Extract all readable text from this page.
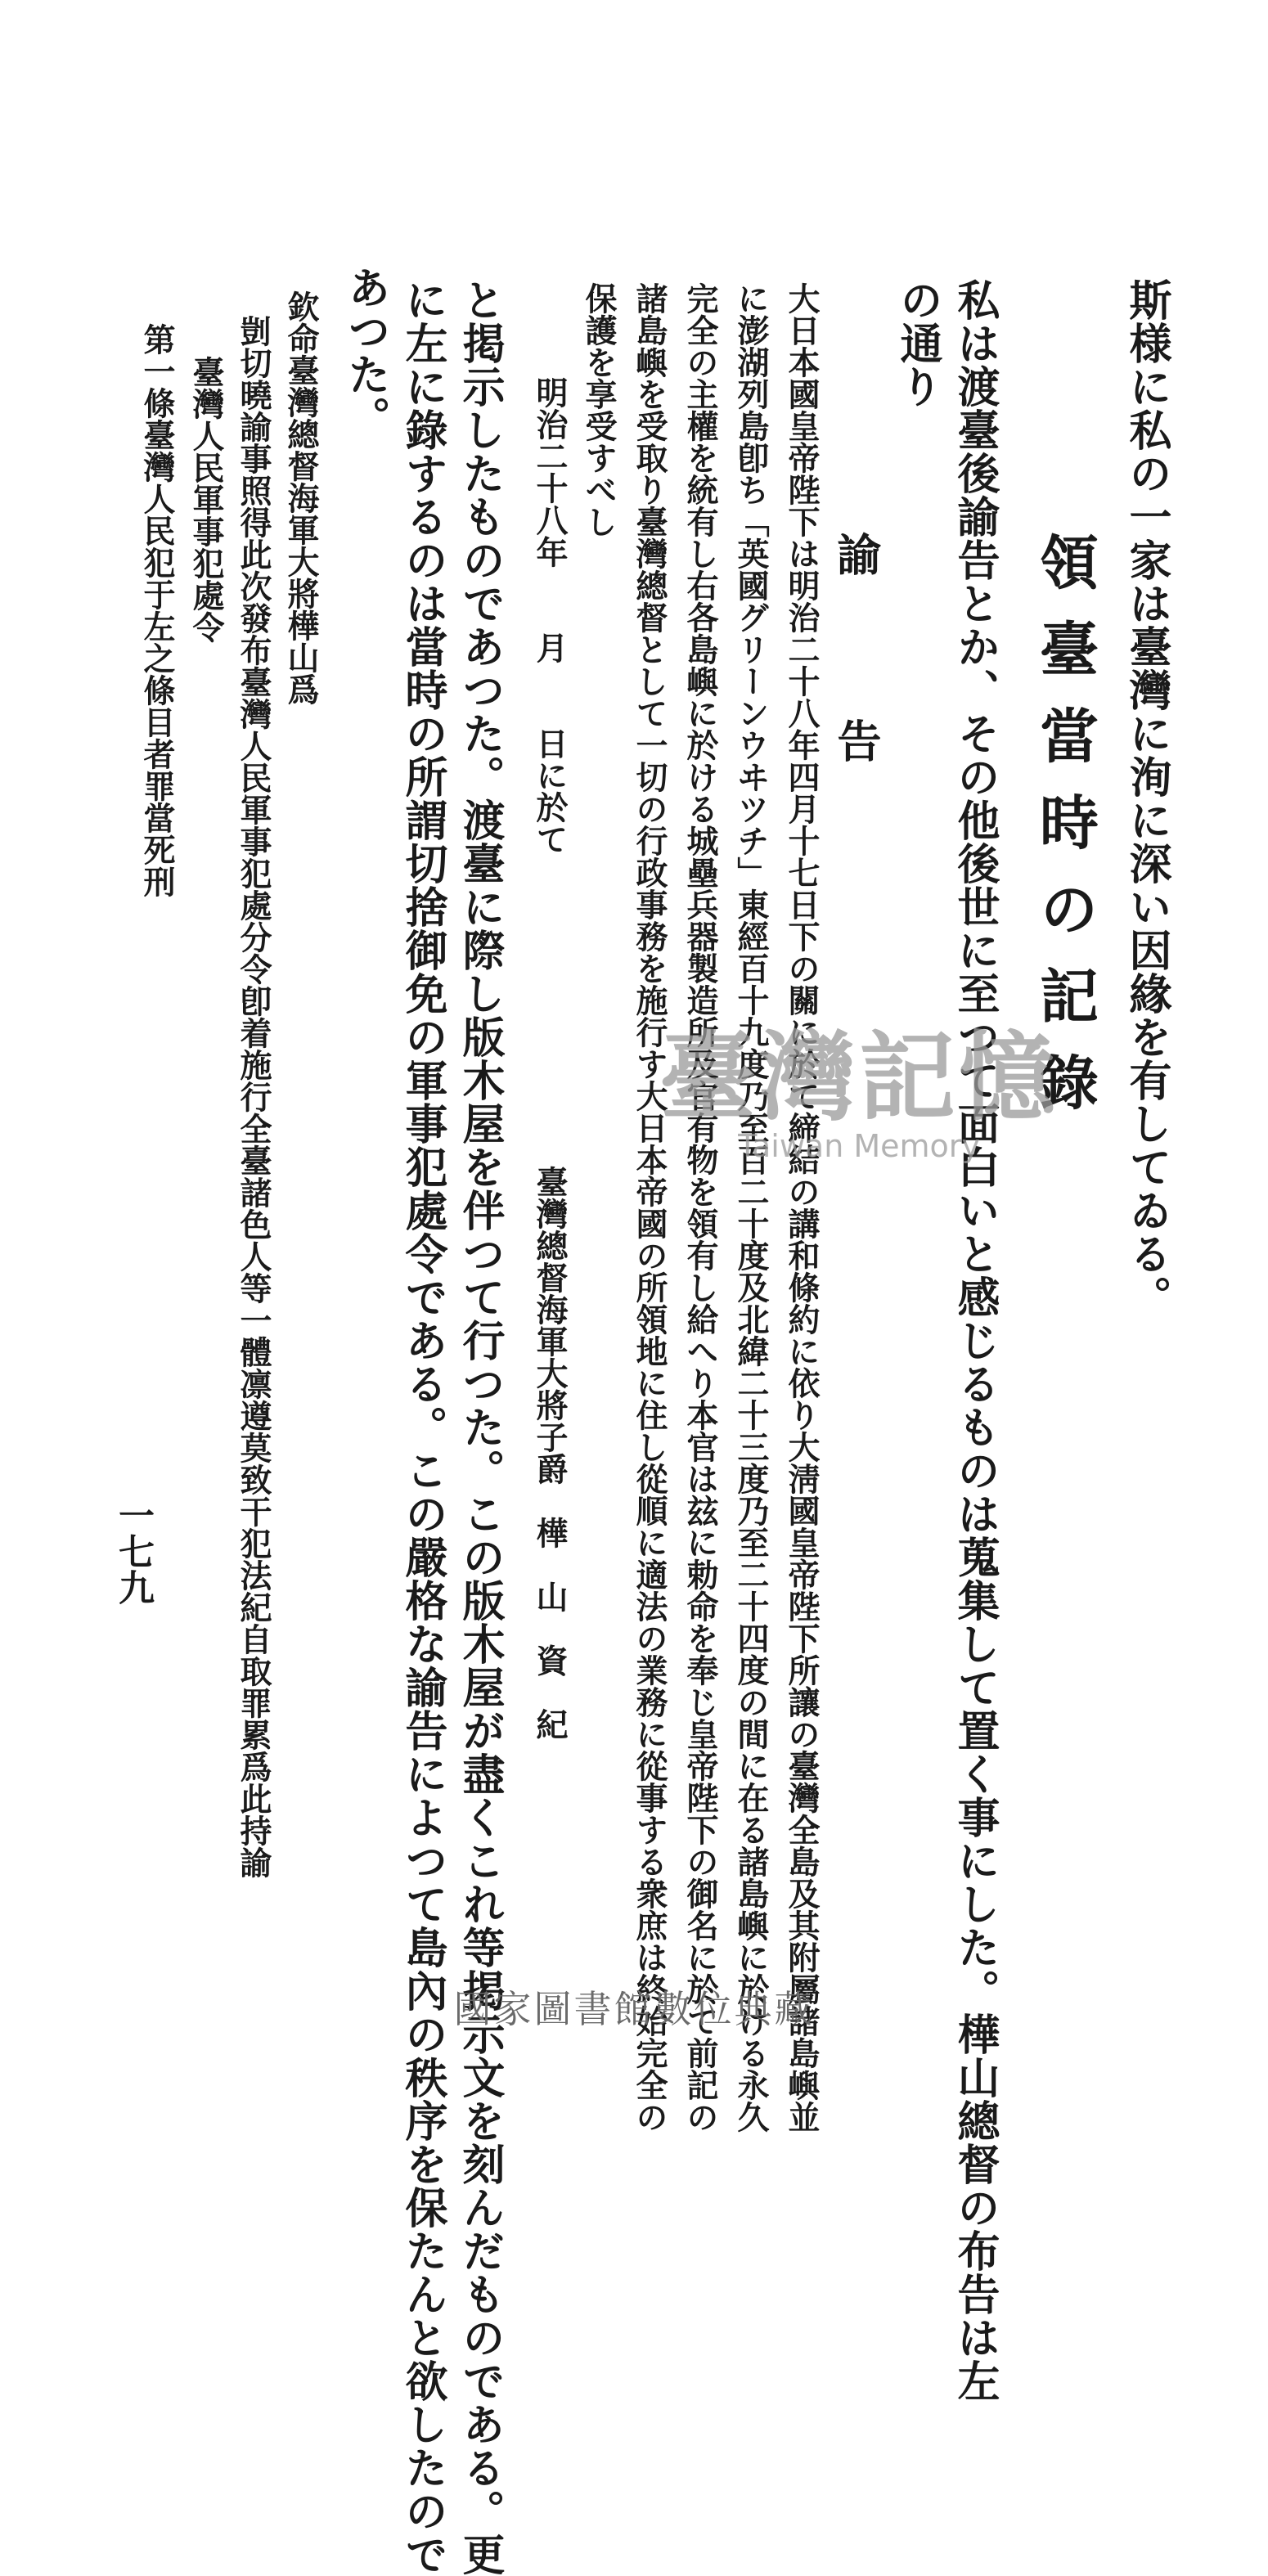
斯様に私の一家は臺灣に洵に深い因緣を有してゐる。
領臺當時の記錄
私は渡臺後諭告とか、その他後世に至つて面白いと感じるものは蒐集して置く事にした。樺山總督の布告は左
の通り
諭　告
大日本國皇帝陛下は明治二十八年四月十七日下の關に於て締結の講和條約に依り大淸國皇帝陛下所讓の臺灣全島及其附屬諸島嶼並
に澎湖列島卽ち「英國グリーンウヰツチ」東經百十九度乃至百二十度及北緯二十三度乃至二十四度の間に在る諸島嶼に於ける永久
完全の主權を統有し右各島嶼に於ける城壘兵器製造所及官有物を領有し給へり本官は玆に勅命を奉じ皇帝陛下の御名に於て前記の
諸島嶼を受取り臺灣總督として一切の行政事務を施行す大日本帝國の所領地に住し從順に適法の業務に從事する衆庶は終始完全の
保護を享受すべし
明治二十八年　　月　　日に於て
臺灣總督海軍大將子爵　樺　山　資　紀
と掲示したものであつた。渡臺に際し版木屋を伴つて行つた。この版木屋が盡くこれ等掲示文を刻んだものである。更
に左に錄するのは當時の所謂切捨御免の軍事犯處令である。この嚴格な諭告によつて島內の秩序を保たんと欲したので
あつた。
欽命臺灣總督海軍大將樺山爲
剴切曉諭事照得此次發布臺灣人民軍事犯處分令卽着施行全臺諸色人等一體凛遵莫致干犯法紀自取罪累爲此持諭
臺灣人民軍事犯處令
第一條臺灣人民犯于左之條目者罪當死刑
一七九
臺灣記憶
Taiwan Memory
國家圖書館數位典藏
